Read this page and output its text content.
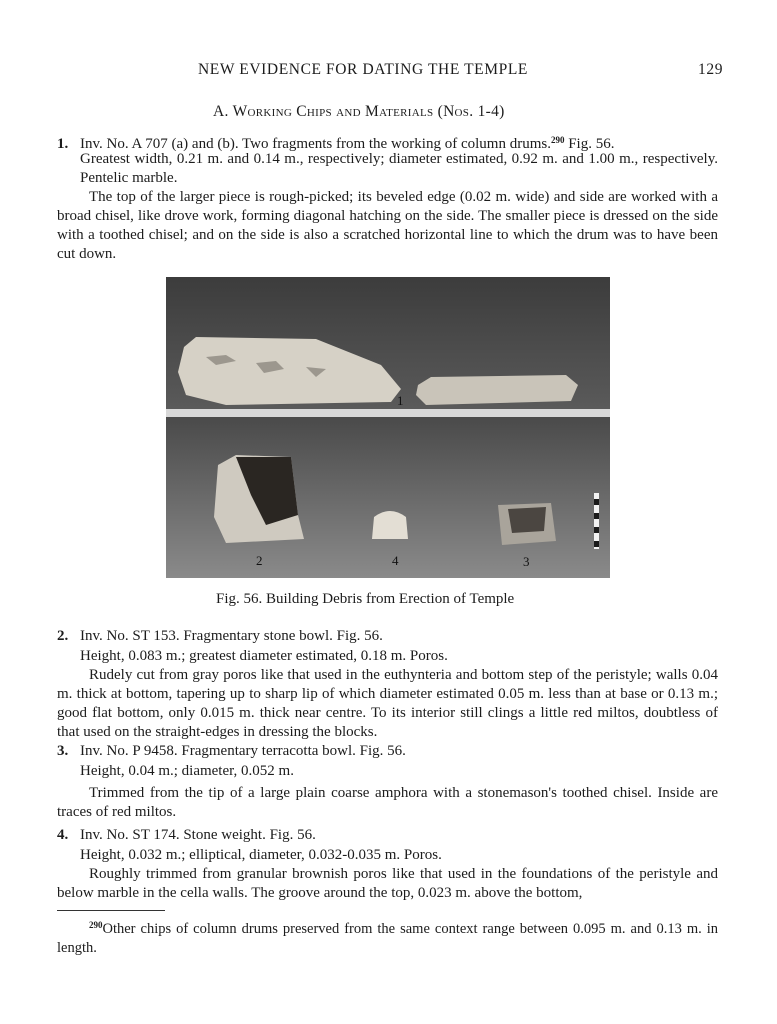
NEW EVIDENCE FOR DATING THE TEMPLE	129
A. Working Chips and Materials (Nos. 1-4)
1. Inv. No. A 707 (a) and (b). Two fragments from the working of column drums.$^{290}$ Fig. 56.
Greatest width, 0.21 m. and 0.14 m., respectively; diameter estimated, 0.92 m. and 1.00 m., respectively. Pentelic marble.
The top of the larger piece is rough-picked; its beveled edge (0.02 m. wide) and side are worked with a broad chisel, like drove work, forming diagonal hatching on the side. The smaller piece is dressed on the side with a toothed chisel; and on the side is also a scratched horizontal line to which the drum was to have been cut down.
1
2	4	3
Fig. 56. Building Debris from Erection of Temple
2. Inv. No. ST 153. Fragmentary stone bowl. Fig. 56.
Height, 0.083 m.; greatest diameter estimated, 0.18 m. Poros.
Rudely cut from gray poros like that used in the euthynteria and bottom step of the peristyle; walls 0.04 m. thick at bottom, tapering up to sharp lip of which diameter estimated 0.05 m. less than at base or 0.13 m.; good flat bottom, only 0.015 m. thick near centre. To its interior still clings a little red miltos, doubtless of that used on the straight-edges in dressing the blocks.
3. Inv. No. P 9458. Fragmentary terracotta bowl. Fig. 56.
Height, 0.04 m.; diameter, 0.052 m.
Trimmed from the tip of a large plain coarse amphora with a stonemason's toothed chisel. Inside are traces of red miltos.
4. Inv. No. ST 174. Stone weight. Fig. 56.
Height, 0.032 m.; elliptical, diameter, 0.032-0.035 m. Poros.
Roughly trimmed from granular brownish poros like that used in the foundations of the peristyle and below marble in the cella walls. The groove around the top, 0.023 m. above the bottom,
$^{290}$Other chips of column drums preserved from the same context range between 0.095 m. and 0.13 m. in length.
